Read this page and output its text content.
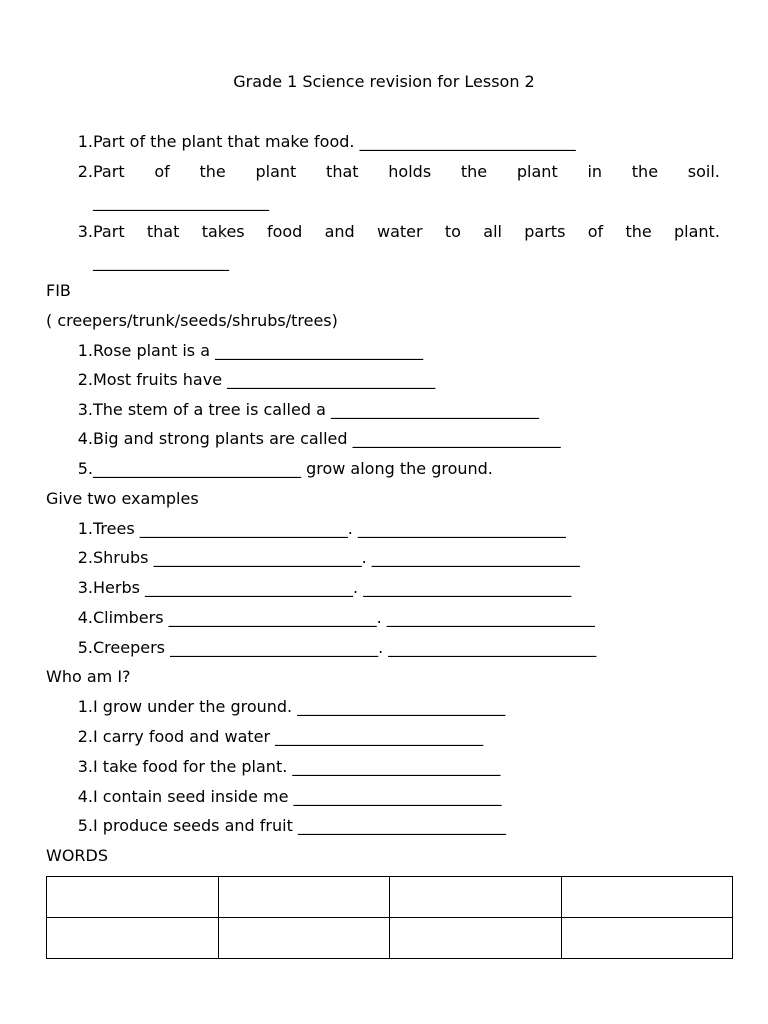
Grade 1 Science revision for Lesson 2
1. Part of the plant that make food. ___________________________
2. Part of the plant that holds the plant in the soil.
______________________
3. Part that takes food and water to all parts of the plant.
_________________
FIB
( creepers/trunk/seeds/shrubs/trees)
1. Rose plant is a __________________________
2. Most fruits have __________________________
3. The stem of a tree is called a __________________________
4. Big and strong plants are called __________________________
5. __________________________ grow along the ground.
Give two examples
1. Trees __________________________. __________________________
2. Shrubs __________________________. __________________________
3. Herbs __________________________. __________________________
4. Climbers __________________________. __________________________
5. Creepers __________________________. __________________________
Who am I?
1. I grow under the ground. __________________________
2. I carry food and water __________________________
3. I take food for the plant. __________________________
4. I contain seed inside me __________________________
5. I produce seeds and fruit __________________________
WORDS
